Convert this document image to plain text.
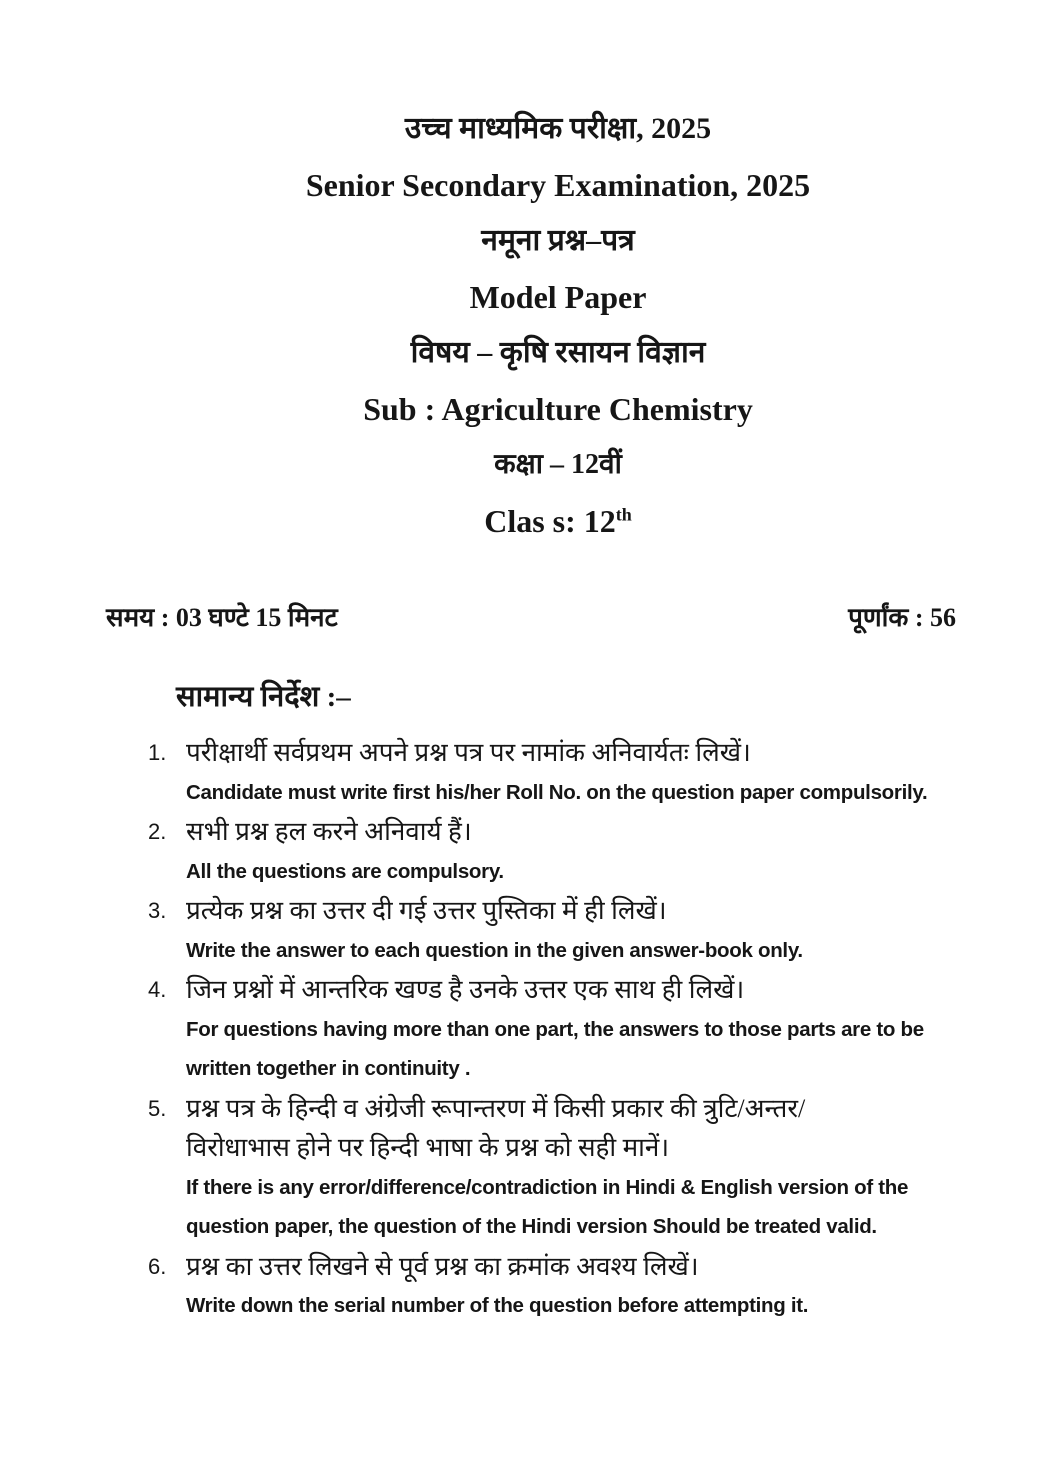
उच्च माध्यमिक परीक्षा, 2025
Senior Secondary Examination, 2025
नमूना प्रश्न–पत्र
Model Paper
विषय – कृषि रसायन विज्ञान
Sub : Agriculture Chemistry
कक्षा – 12वीं
Clas s: 12th
समय : 03 घण्टे 15 मिनट	पूर्णांक : 56
सामान्य निर्देश :–
1. परीक्षार्थी सर्वप्रथम अपने प्रश्न पत्र पर नामांक अनिवार्यतः लिखें।
Candidate must write first his/her Roll No. on the question paper compulsorily.
2. सभी प्रश्न हल करने अनिवार्य हैं।
All the questions are compulsory.
3. प्रत्येक प्रश्न का उत्तर दी गई उत्तर पुस्तिका में ही लिखें।
Write the answer to each question in the given answer-book only.
4. जिन प्रश्नों में आन्तरिक खण्ड है उनके उत्तर एक साथ ही लिखें।
For questions having more than one part, the answers to those parts are to be
written together in continuity .
5. प्रश्न पत्र के हिन्दी व अंग्रेजी रूपान्तरण में किसी प्रकार की त्रुटि/अन्तर/
विरोधाभास होने पर हिन्दी भाषा के प्रश्न को सही मानें।
If there is any error/difference/contradiction in Hindi & English version of the
question paper, the question of the Hindi version Should be treated valid.
6. प्रश्न का उत्तर लिखने से पूर्व प्रश्न का क्रमांक अवश्य लिखें।
Write down the serial number of the question before attempting it.
